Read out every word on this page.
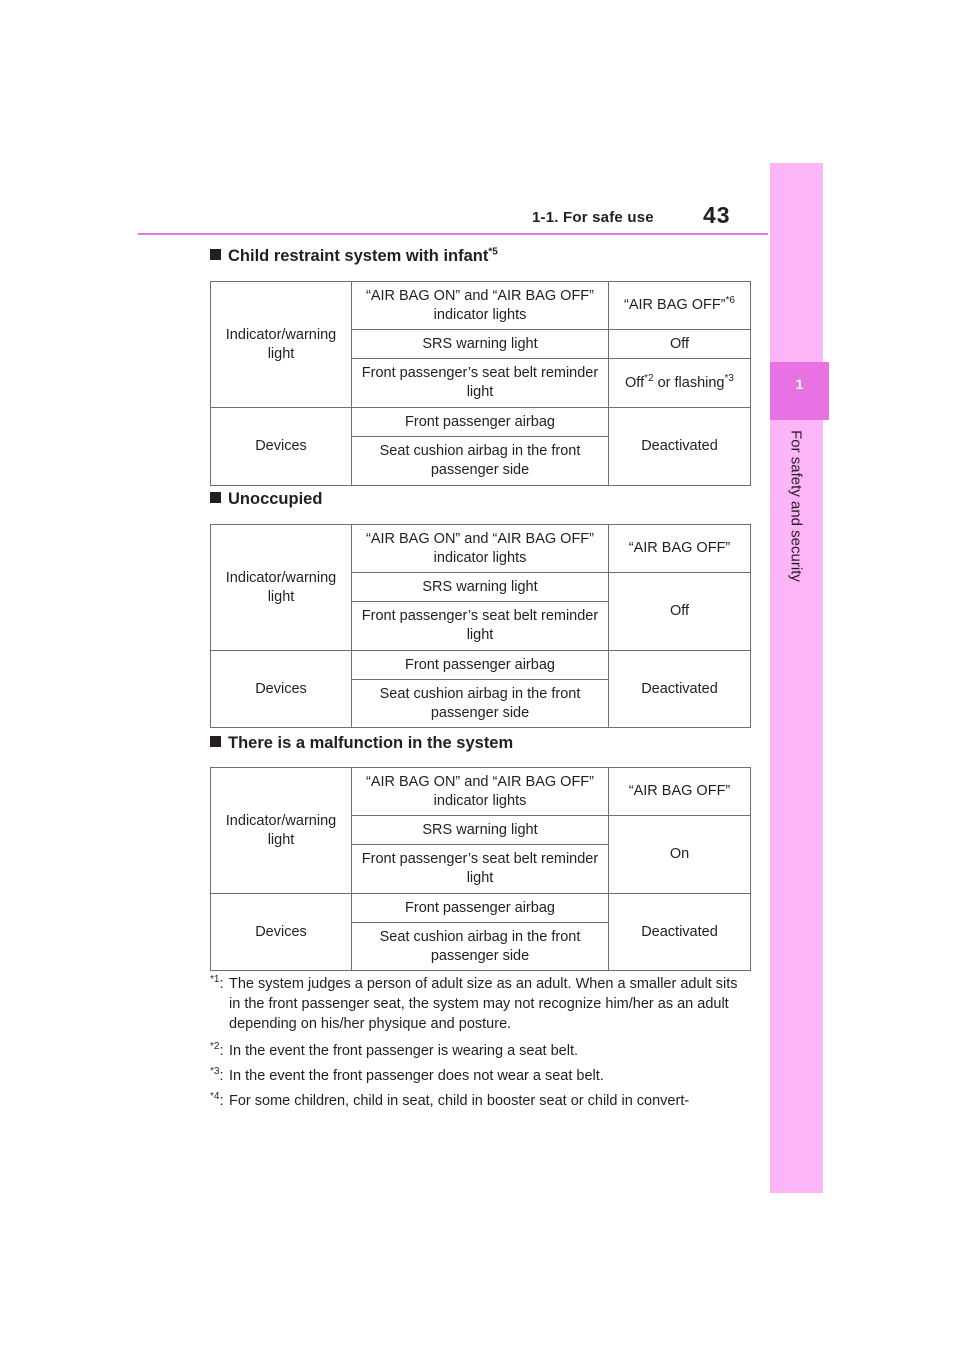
1-1. For safe use	43
1
For safety and security
Child restraint system with infant$^{*5}$
Indicator/warning light	“AIR BAG ON” and “AIR BAG OFF” indicator lights	“AIR BAG OFF”$^{*6}$
	SRS warning light	Off
	Front passenger’s seat belt reminder light	Off$^{*2}$ or flashing$^{*3}$
Devices	Front passenger airbag	Deactivated
	Seat cushion airbag in the front passenger side	
Unoccupied
Indicator/warning light	“AIR BAG ON” and “AIR BAG OFF” indicator lights	“AIR BAG OFF”
	SRS warning light	Off
	Front passenger’s seat belt reminder light	
Devices	Front passenger airbag	Deactivated
	Seat cushion airbag in the front passenger side	
There is a malfunction in the system
Indicator/warning light	“AIR BAG ON” and “AIR BAG OFF” indicator lights	“AIR BAG OFF”
	SRS warning light	On
	Front passenger’s seat belt reminder light	
Devices	Front passenger airbag	Deactivated
	Seat cushion airbag in the front passenger side	
$^{*1}$: The system judges a person of adult size as an adult. When a smaller adult sits in the front passenger seat, the system may not recognize him/her as an adult depending on his/her physique and posture.
$^{*2}$: In the event the front passenger is wearing a seat belt.
$^{*3}$: In the event the front passenger does not wear a seat belt.
$^{*4}$: For some children, child in seat, child in booster seat or child in convert-
